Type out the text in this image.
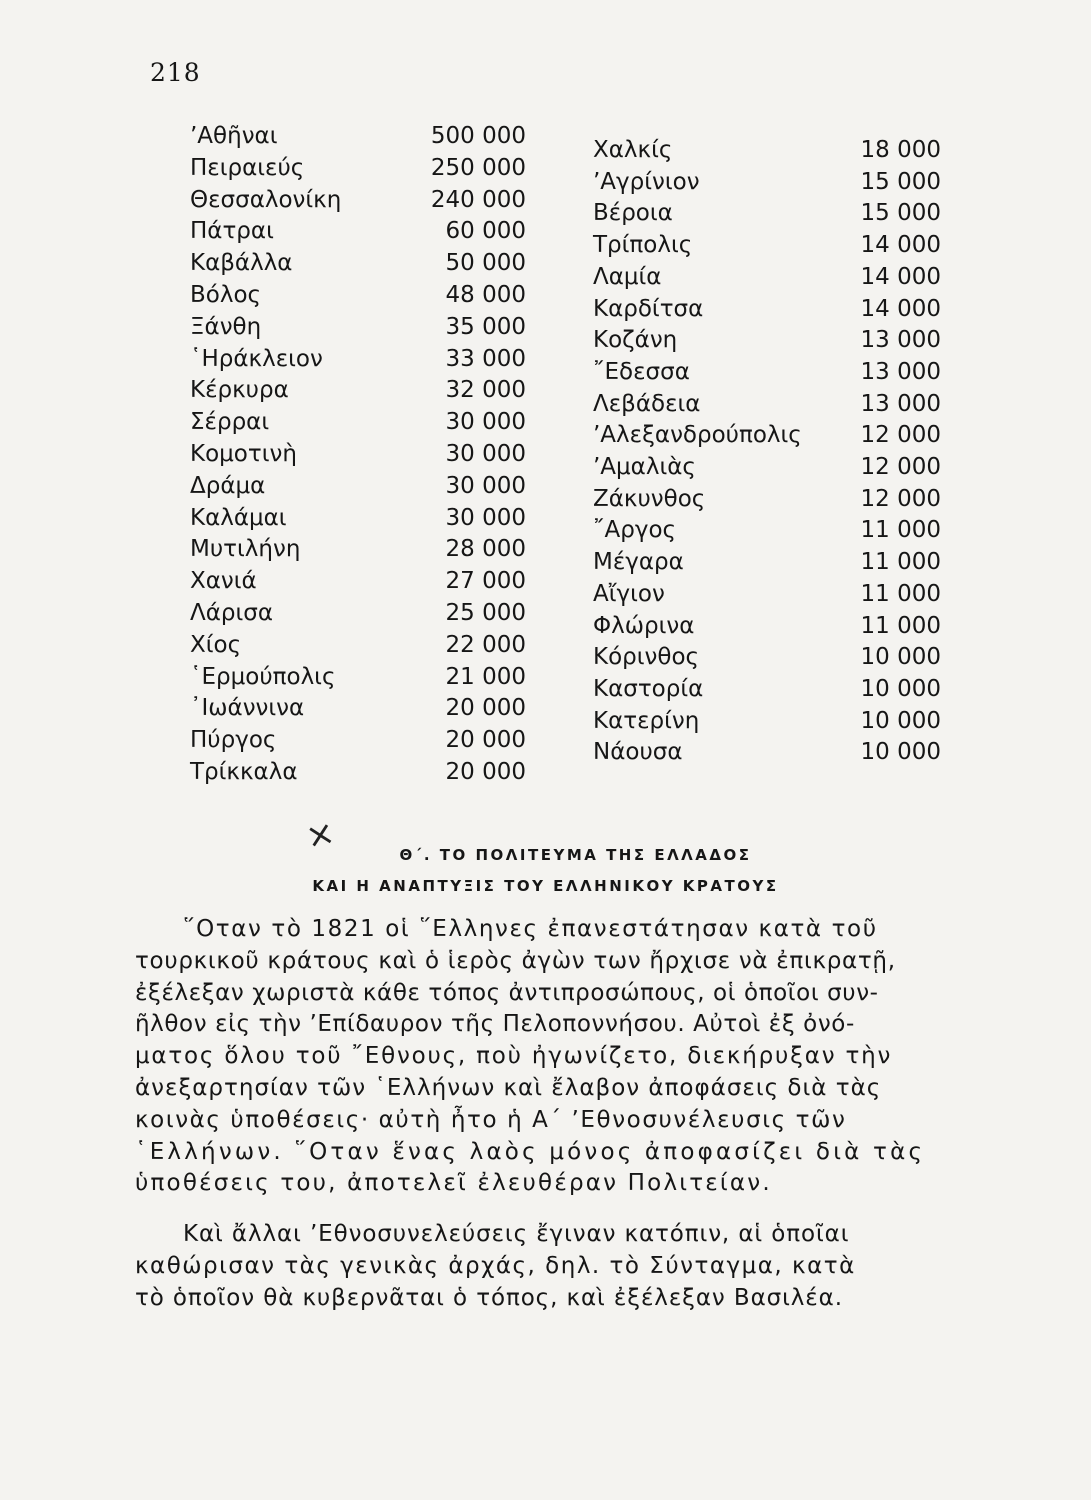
218
’Αθῆναι	500 000
Πειραιεύς	250 000
Θεσσαλονίκη	240 000
Πάτραι	60 000
Καβάλλα	50 000
Βόλος	48 000
Ξάνθη	35 000
῾Ηράκλειον	33 000
Κέρκυρα	32 000
Σέρραι	30 000
Κομοτινὴ	30 000
Δράμα	30 000
Καλάμαι	30 000
Μυτιλήνη	28 000
Χανιά	27 000
Λάρισα	25 000
Χίος	22 000
῾Ερμούπολις	21 000
᾿Ιωάννινα	20 000
Πύργος	20 000
Τρίκκαλα	20 000
Χαλκίς	18 000
’Αγρίνιον	15 000
Βέροια	15 000
Τρίπολις	14 000
Λαμία	14 000
Καρδίτσα	14 000
Κοζάνη	13 000
῎Εδεσσα	13 000
Λεβάδεια	13 000
’Αλεξανδρούπολις	12 000
’Αμαλιὰς	12 000
Ζάκυνθος	12 000
῎Αργος	11 000
Μέγαρα	11 000
Αἴγιον	11 000
Φλώρινα	11 000
Κόρινθος	10 000
Καστορία	10 000
Κατερίνη	10 000
Νάουσα	10 000
×	Θ΄. ΤΟ ΠΟΛΙΤΕΥΜΑ ΤΗΣ ΕΛΛΑΔΟΣ
ΚΑΙ Η ΑΝΑΠΤΥΞΙΣ ΤΟΥ ΕΛΛΗΝΙΚΟΥ ΚΡΑΤΟΥΣ
῞Οταν τὸ 1821 οἱ ῞Ελληνες ἐπανεστάτησαν κατὰ τοῦ
τουρκικοῦ κράτους καὶ ὁ ἱερὸς ἀγὼν των ἤρχισε νὰ ἐπικρατῇ,
ἐξέλεξαν χωριστὰ κάθε τόπος ἀντιπροσώπους, οἱ ὁποῖοι συν-
ῆλθον εἰς τὴν ’Επίδαυρον τῆς Πελοποννήσου. Αὐτοὶ ἐξ ὀνό-
ματος ὅλου τοῦ ῎Εθνους, ποὺ ἠγωνίζετο, διεκήρυξαν τὴν
ἀνεξαρτησίαν τῶν ῾Ελλήνων καὶ ἔλαβον ἀποφάσεις διὰ τὰς
κοινὰς ὑποθέσεις· αὐτὴ ἦτο ἡ Α΄ ’Εθνοσυνέλευσις τῶν
῾Ελλήνων. ῞Οταν ἕνας λαὸς μόνος ἀποφασίζει διὰ τὰς
ὑποθέσεις του, ἀποτελεῖ ἐλευθέραν Πολιτείαν.
Καὶ ἄλλαι ’Εθνοσυνελεύσεις ἔγιναν κατόπιν, αἱ ὁποῖαι
καθώρισαν τὰς γενικὰς ἀρχάς, δηλ. τὸ Σύνταγμα, κατὰ
τὸ ὁποῖον θὰ κυβερνᾶται ὁ τόπος, καὶ ἐξέλεξαν Βασιλέα.
